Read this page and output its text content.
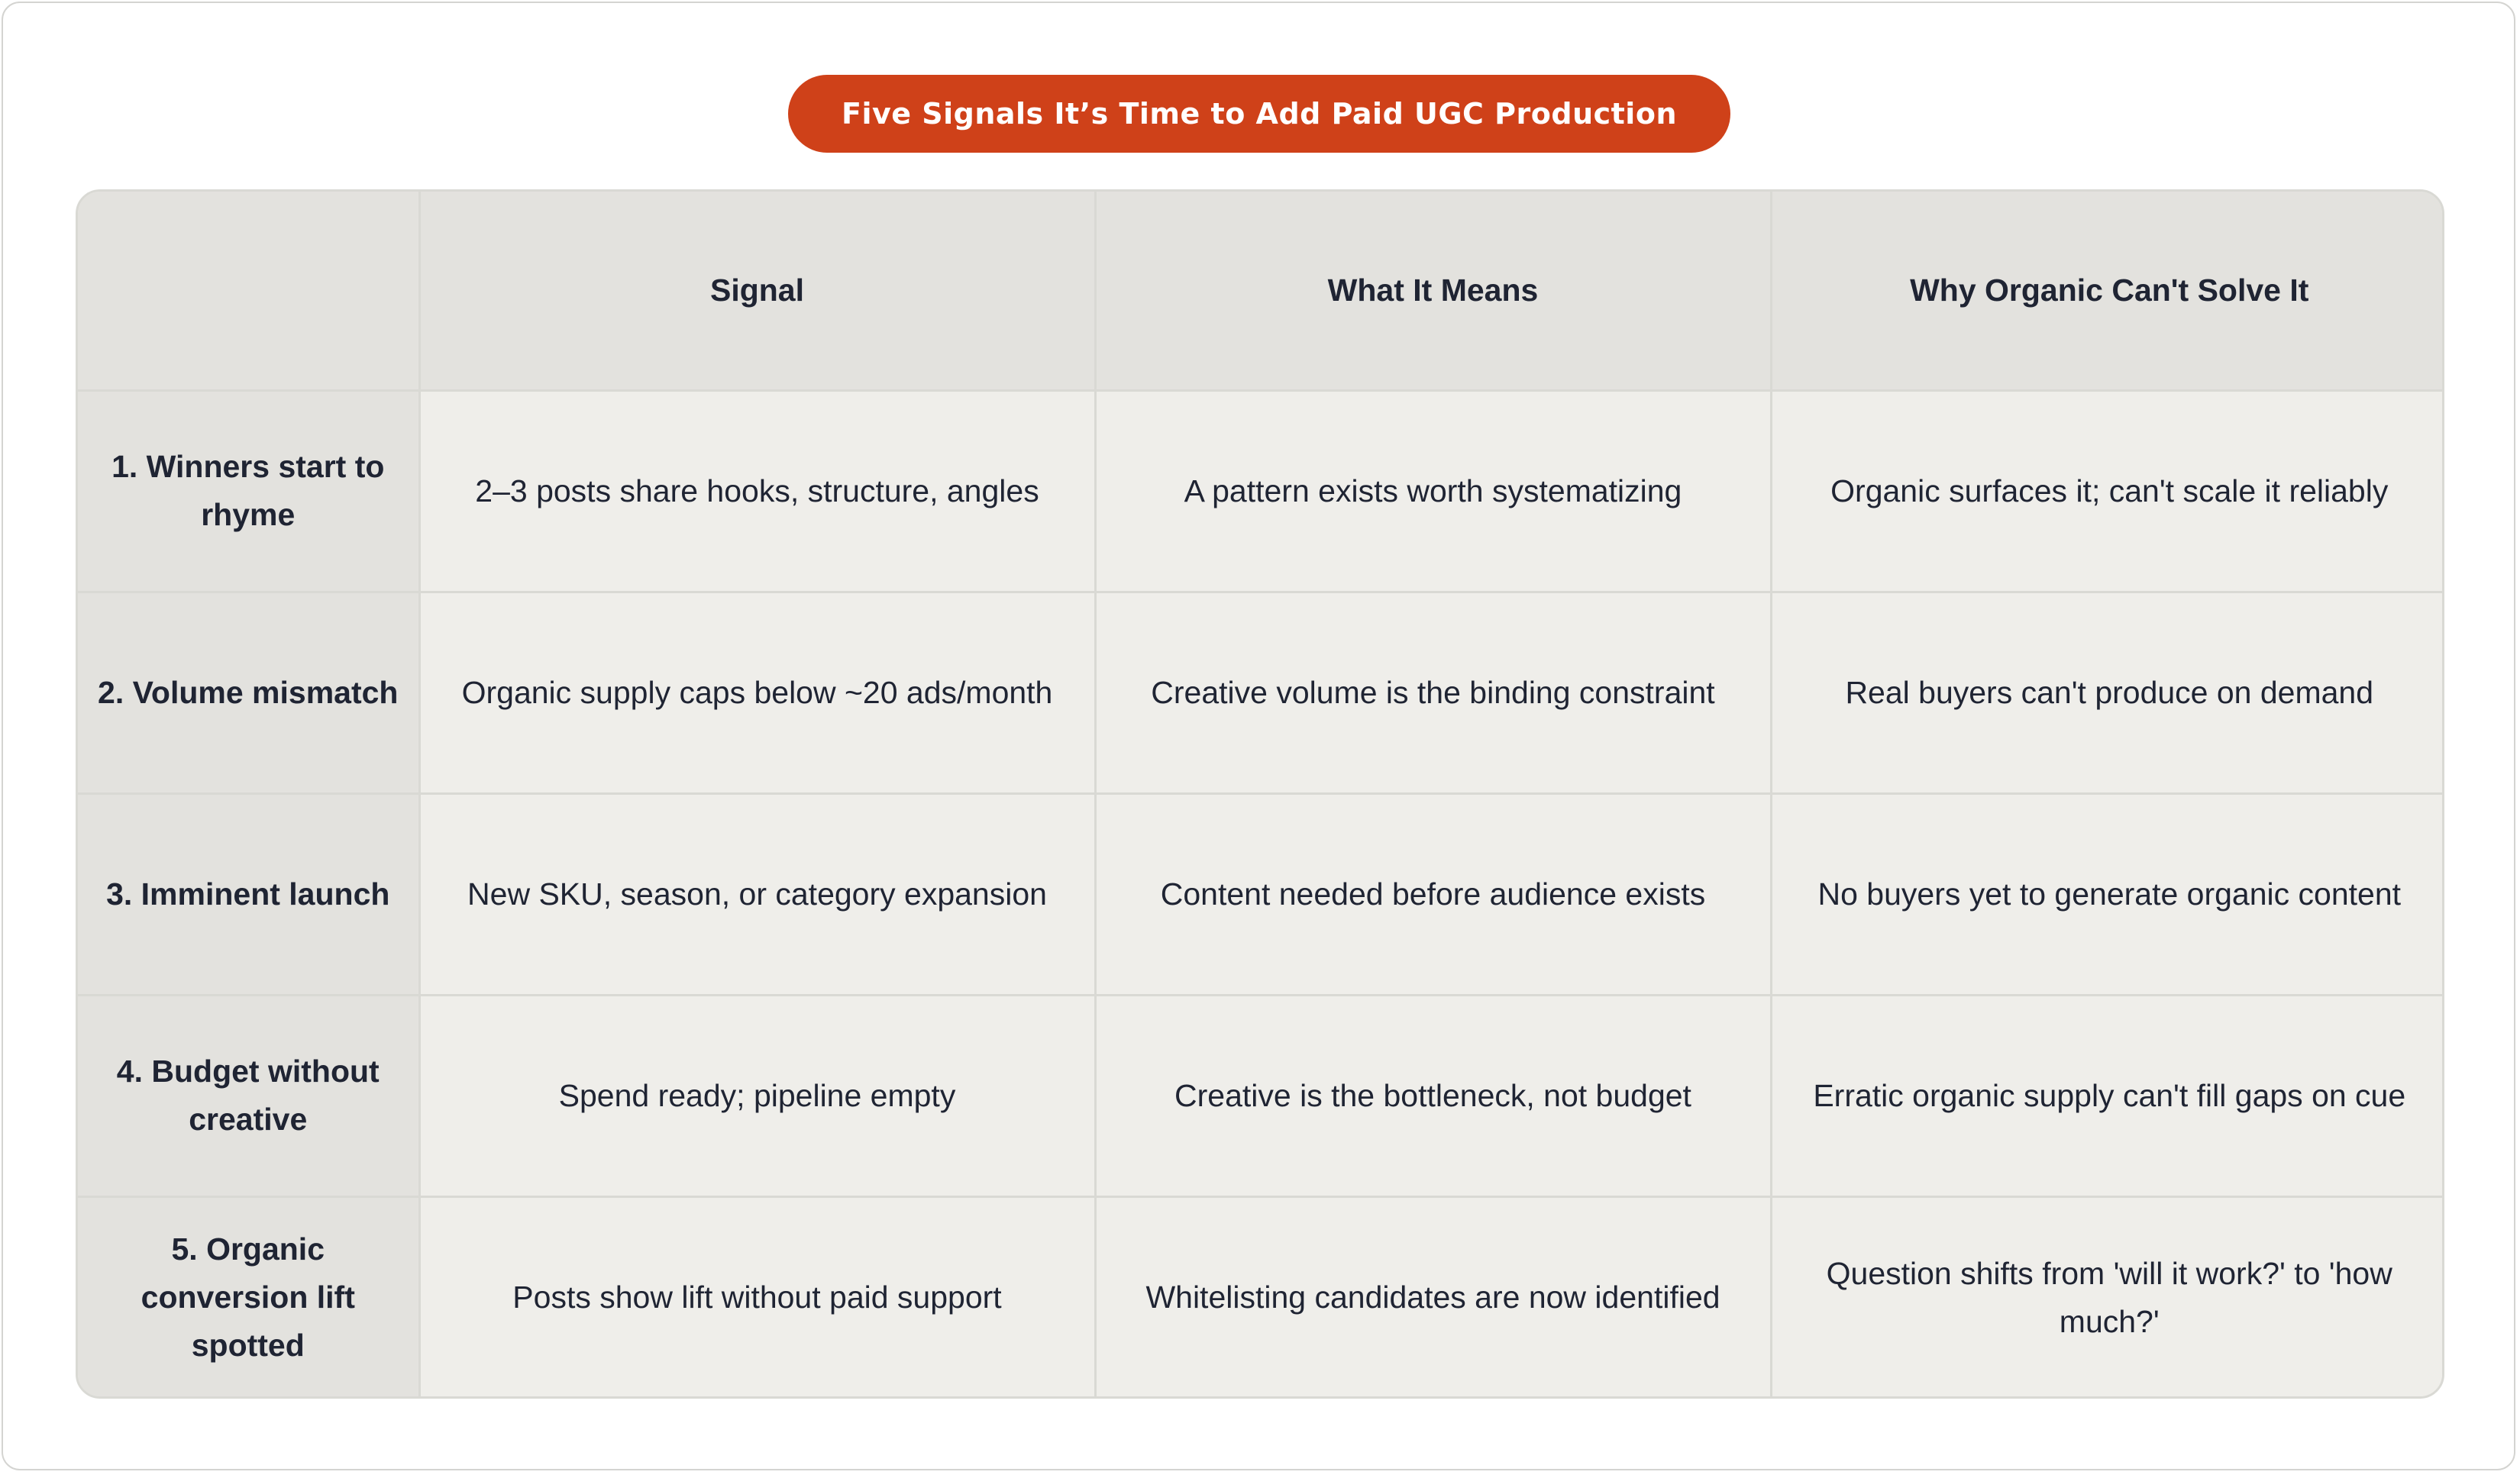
Five Signals It’s Time to Add Paid UGC Production
	Signal	What It Means	Why Organic Can't Solve It
1. Winners start to rhyme	2–3 posts share hooks, structure, angles	A pattern exists worth systematizing	Organic surfaces it; can't scale it reliably
2. Volume mismatch	Organic supply caps below ~20 ads/month	Creative volume is the binding constraint	Real buyers can't produce on demand
3. Imminent launch	New SKU, season, or category expansion	Content needed before audience exists	No buyers yet to generate organic content
4. Budget without creative	Spend ready; pipeline empty	Creative is the bottleneck, not budget	Erratic organic supply can't fill gaps on cue
5. Organic conversion lift spotted	Posts show lift without paid support	Whitelisting candidates are now identified	Question shifts from 'will it work?' to 'how much?'
